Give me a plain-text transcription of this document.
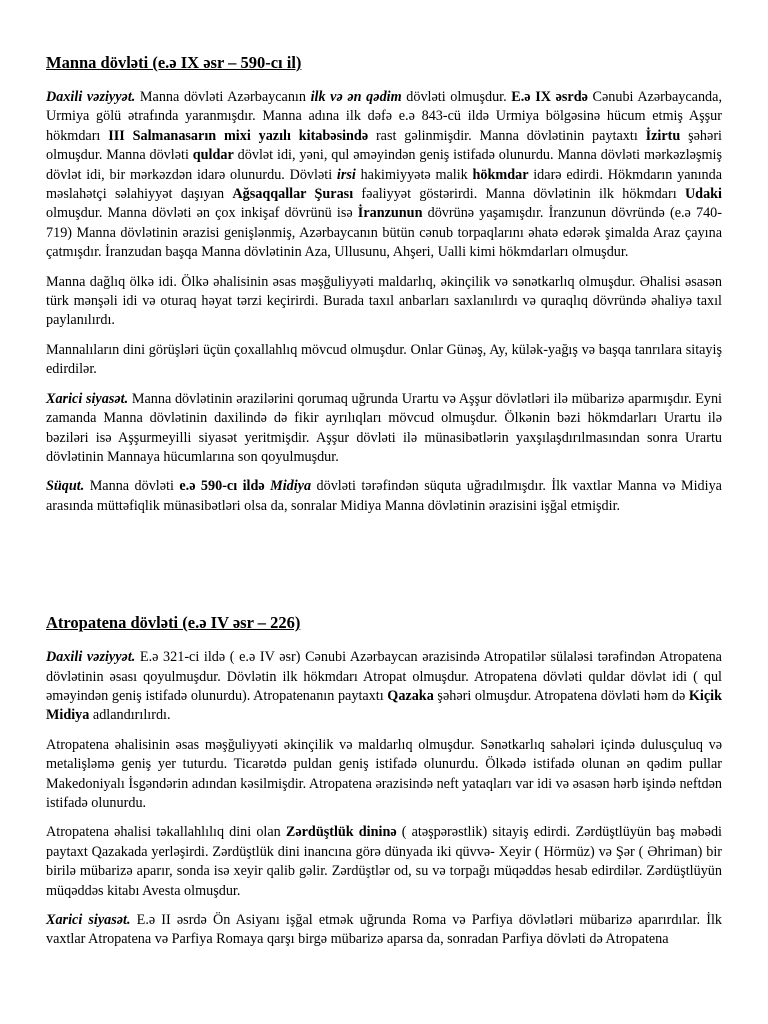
Manna dövləti (e.ə IX əsr – 590-cı il)

Daxili vəziyyət. Manna dövləti Azərbaycanın ilk və ən qədim dövləti olmuşdur. E.ə IX əsrdə Cənubi Azərbaycanda, Urmiya gölü ətrafında yaranmışdır. Manna adına ilk dəfə e.ə 843-cü ildə Urmiya bölgəsinə hücum etmiş Aşşur hökmdarı III Salmanasarın mixi yazılı kitabəsində rast gəlinmişdir. Manna dövlətinin paytaxtı İzirtu şəhəri olmuşdur. Manna dövləti quldar dövlət idi, yəni, qul əməyindən geniş istifadə olunurdu. Manna dövləti mərkəzləşmiş dövlət idi, bir mərkəzdən idarə olunurdu. Dövləti irsi hakimiyyətə malik hökmdar idarə edirdi. Hökmdarın yanında məslahətçi səlahiyyət daşıyan Ağsaqqallar Şurası fəaliyyət göstərirdi. Manna dövlətinin ilk hökmdarı Udaki olmuşdur. Manna dövləti ən çox inkişaf dövrünü isə İranzunun dövrünə yaşamışdır. İranzunun dövründə (e.ə 740-719) Manna dövlətinin ərazisi genişlənmiş, Azərbaycanın bütün cənub torpaqlarını əhatə edərək şimalda Araz çayına çatmışdır. İranzudan başqa Manna dövlətinin Aza, Ullusunu, Ahşeri, Ualli kimi hökmdarları olmuşdur.

Manna dağlıq ölkə idi. Ölkə əhalisinin əsas məşğuliyyəti maldarlıq, əkinçilik və sənətkarlıq olmuşdur. Əhalisi əsasən türk mənşəli idi və oturaq həyat tərzi keçirirdi. Burada taxıl anbarları saxlanılırdı və quraqlıq dövründə əhaliyə taxıl paylanılırdı.

Mannalıların dini görüşləri üçün çoxallahlıq mövcud olmuşdur. Onlar Günəş, Ay, külək-yağış və başqa tanrılara sitayiş edirdilər.

Xarici siyasət. Manna dövlətinin ərazilərini qorumaq uğrunda Urartu və Aşşur dövlətləri ilə mübarizə aparmışdır. Eyni zamanda Manna dövlətinin daxilində də fikir ayrılıqları mövcud olmuşdur. Ölkənin bəzi hökmdarları Urartu ilə bəziləri isə Aşşurmeyilli siyasət yeritmişdir. Aşşur dövləti ilə münasibətlərin yaxşılaşdırılmasından sonra Urartu dövlətinin Mannaya hücumlarına son qoyulmuşdur.

Süqut. Manna dövləti e.ə 590-cı ildə Midiya dövləti tərəfindən süquta uğradılmışdır. İlk vaxtlar Manna və Midiya arasında müttəfiqlik münasibətləri olsa da, sonralar Midiya Manna dövlətinin ərazisini işğal etmişdir.

Atropatena dövləti (e.ə IV əsr – 226)

Daxili vəziyyət. E.ə 321-ci ildə ( e.ə IV əsr) Cənubi Azərbaycan ərazisində Atropatilər sülaləsi tərəfindən Atropatena dövlətinin əsası qoyulmuşdur. Dövlətin ilk hökmdarı Atropat olmuşdur. Atropatena dövləti quldar dövlət idi ( qul əməyindən geniş istifadə olunurdu). Atropatenanın paytaxtı Qazaka şəhəri olmuşdur. Atropatena dövləti həm də Kiçik Midiya adlandırılırdı.

Atropatena əhalisinin əsas məşğuliyyəti əkinçilik və maldarlıq olmuşdur. Sənətkarlıq sahələri içində dulusçuluq və metalişləmə geniş yer tuturdu. Ticarətdə puldan geniş istifadə olunurdu. Ölkədə istifadə olunan ən qədim pullar Makedoniyalı İsgəndərin adından kəsilmişdir. Atropatena ərazisində neft yataqları var idi və əsasən hərb işində neftdən istifadə olunurdu.

Atropatena əhalisi təkallahlılıq dini olan Zərdüştlük dininə ( atəşpərəstlik) sitayiş edirdi. Zərdüştlüyün baş məbədi paytaxt Qazakada yerləşirdi. Zərdüştlük dini inancına görə dünyada iki qüvvə- Xeyir ( Hörmüz) və Şər ( Əhriman) bir birilə mübarizə aparır, sonda isə xeyir qalib gəlir. Zərdüştlər od, su və torpağı müqəddəs hesab edirdilər. Zərdüştlüyün müqəddəs kitabı Avesta olmuşdur.

Xarici siyasət. E.ə II əsrdə Ön Asiyanı işğal etmək uğrunda Roma və Parfiya dövlətləri mübarizə aparırdılar. İlk vaxtlar Atropatena və Parfiya Romaya qarşı birgə mübarizə aparsa da, sonradan Parfiya dövləti də Atropatena
